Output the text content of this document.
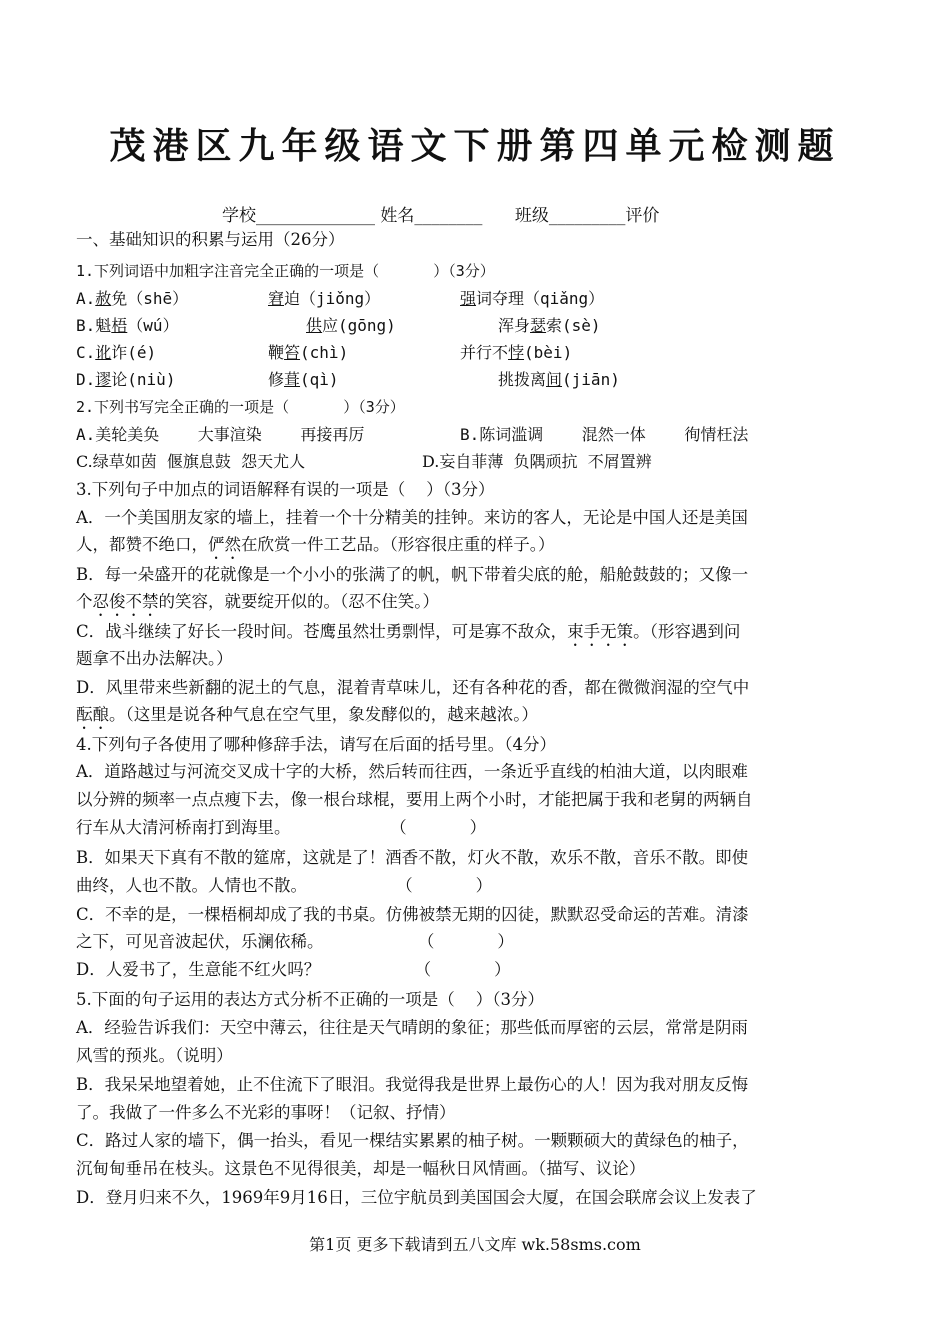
茂港区九年级语文下册第四单元检测题
学校______________ 姓名________      班级_________评价
一、基础知识的积累与运用（26分）
1.下列词语中加粗字注音完全正确的一项是（      ）（3分）
A.赦免（shē）	窘迫（jiǒng）	强词夺理（qiǎng）
B.魁梧（wú）	供应(gōng)	浑身瑟索(sè)
C.讹诈(é)	鞭笞(chì)	并行不悖(bèi)
D.谬论(niù)	修葺(qì)	挑拨离间(jiān)
2.下列书写完全正确的一项是（      ）（3分）
A.美轮美奂    大事渲染    再接再厉	B.陈词滥调    混然一体    徇情枉法
C.绿草如茵  偃旗息鼓  怨天尤人	D.妄自菲薄  负隅顽抗  不屑置辨
3.下列句子中加点的词语解释有误的一项是（    ）（3分）
A．一个美国朋友家的墙上，挂着一个十分精美的挂钟。来访的客人，无论是中国人还是美国
人，都赞不绝口，俨然在欣赏一件工艺品。（形容很庄重的样子。）
B．每一朵盛开的花就像是一个小小的张满了的帆，帆下带着尖底的舱，船舱鼓鼓的；又像一
个忍俊不禁的笑容，就要绽开似的。（忍不住笑。）
C．战斗继续了好长一段时间。苍鹰虽然壮勇剽悍，可是寡不敌众，束手无策。（形容遇到问
题拿不出办法解决。）
D．风里带来些新翻的泥土的气息，混着青草味儿，还有各种花的香，都在微微润湿的空气中
酝酿。（这里是说各种气息在空气里，象发酵似的，越来越浓。）
4.下列句子各使用了哪种修辞手法，请写在后面的括号里。（4分）
A．道路越过与河流交叉成十字的大桥，然后转而往西，一条近乎直线的柏油大道，以肉眼难
以分辨的频率一点点瘦下去，像一根台球棍，要用上两个小时，才能把属于我和老舅的两辆自
行车从大清河桥南打到海里。                   （            ）
B．如果天下真有不散的筵席，这就是了！酒香不散，灯火不散，欢乐不散，音乐不散。即使
曲终，人也不散。人情也不散。                 （            ）
C．不幸的是，一棵梧桐却成了我的书桌。仿佛被禁无期的囚徒，默默忍受命运的苦难。清漆
之下，可见音波起伏，乐澜依稀。                  （            ）
D．人爱书了，生意能不红火吗？                  （            ）
5.下面的句子运用的表达方式分析不正确的一项是（    ）（3分）
A．经验告诉我们：天空中薄云，往往是天气晴朗的象征；那些低而厚密的云层，常常是阴雨
风雪的预兆。（说明）
B．我呆呆地望着她，止不住流下了眼泪。我觉得我是世界上最伤心的人！因为我对朋友反悔
了。我做了一件多么不光彩的事呀！（记叙、抒情）
C．路过人家的墙下，偶一抬头，看见一棵结实累累的柚子树。一颗颗硕大的黄绿色的柚子，
沉甸甸垂吊在枝头。这景色不见得很美，却是一幅秋日风情画。（描写、议论）
D．登月归来不久，1969年9月16日，三位宇航员到美国国会大厦，在国会联席会议上发表了
第1页 更多下载请到五八文库 wk.58sms.com
